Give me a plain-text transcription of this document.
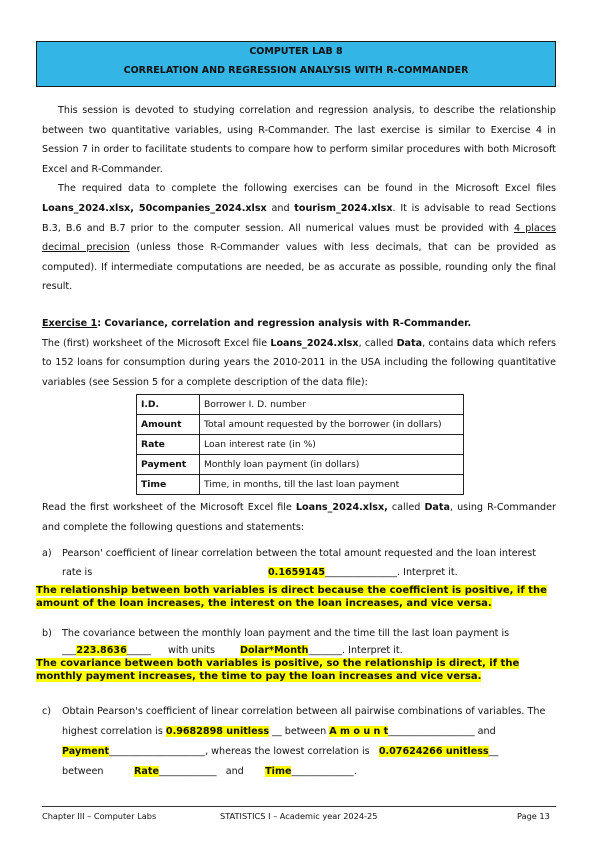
COMPUTER LAB 8
CORRELATION AND REGRESSION ANALYSIS WITH R-COMMANDER

This session is devoted to studying correlation and regression analysis, to describe the relationship between two quantitative variables, using R-Commander. The last exercise is similar to Exercise 4 in Session 7 in order to facilitate students to compare how to perform similar procedures with both Microsoft Excel and R-Commander.

The required data to complete the following exercises can be found in the Microsoft Excel files Loans_2024.xlsx, 50companies_2024.xlsx and tourism_2024.xlsx. It is advisable to read Sections B.3, B.6 and B.7 prior to the computer session. All numerical values must be provided with 4 places decimal precision (unless those R-Commander values with less decimals, that can be provided as computed). If intermediate computations are needed, be as accurate as possible, rounding only the final result.

Exercise 1: Covariance, correlation and regression analysis with R-Commander.

The (first) worksheet of the Microsoft Excel file Loans_2024.xlsx, called Data, contains data which refers to 152 loans for consumption during years the 2010-2011 in the USA including the following quantitative variables (see Session 5 for a complete description of the data file):

I.D.	Borrower I. D. number
Amount	Total amount requested by the borrower (in dollars)
Rate	Loan interest rate (in %)
Payment	Monthly loan payment (in dollars)
Time	Time, in months, till the last loan payment

Read the first worksheet of the Microsoft Excel file Loans_2024.xlsx, called Data, using R-Commander and complete the following questions and statements:

a) Pearson' coefficient of linear correlation between the total amount requested and the loan interest
rate is	0.1659145_______________. Interpret it.
The relationship between both variables is direct because the coefficient is positive, if the amount of the loan increases, the interest on the loan increases, and vice versa.
b) The covariance between the monthly loan payment and the time till the last loan payment is
___223.8636_____ with units	Dolar*Month_______. Interpret it.
The covariance between both variables is positive, so the relationship is direct, if the monthly payment increases, the time to pay the loan increases and vice versa.
c) Obtain Pearson's coefficient of linear correlation between all pairwise combinations of variables. The
highest correlation is 0.9682898 unitless __ between A m o u n t__________________ and
Payment____________________, whereas the lowest correlation is 0.07624266 unitless__
between	Rate____________ and Time_____________.
Chapter III – Computer Labs	STATISTICS I – Academic year 2024-25	Page 13
